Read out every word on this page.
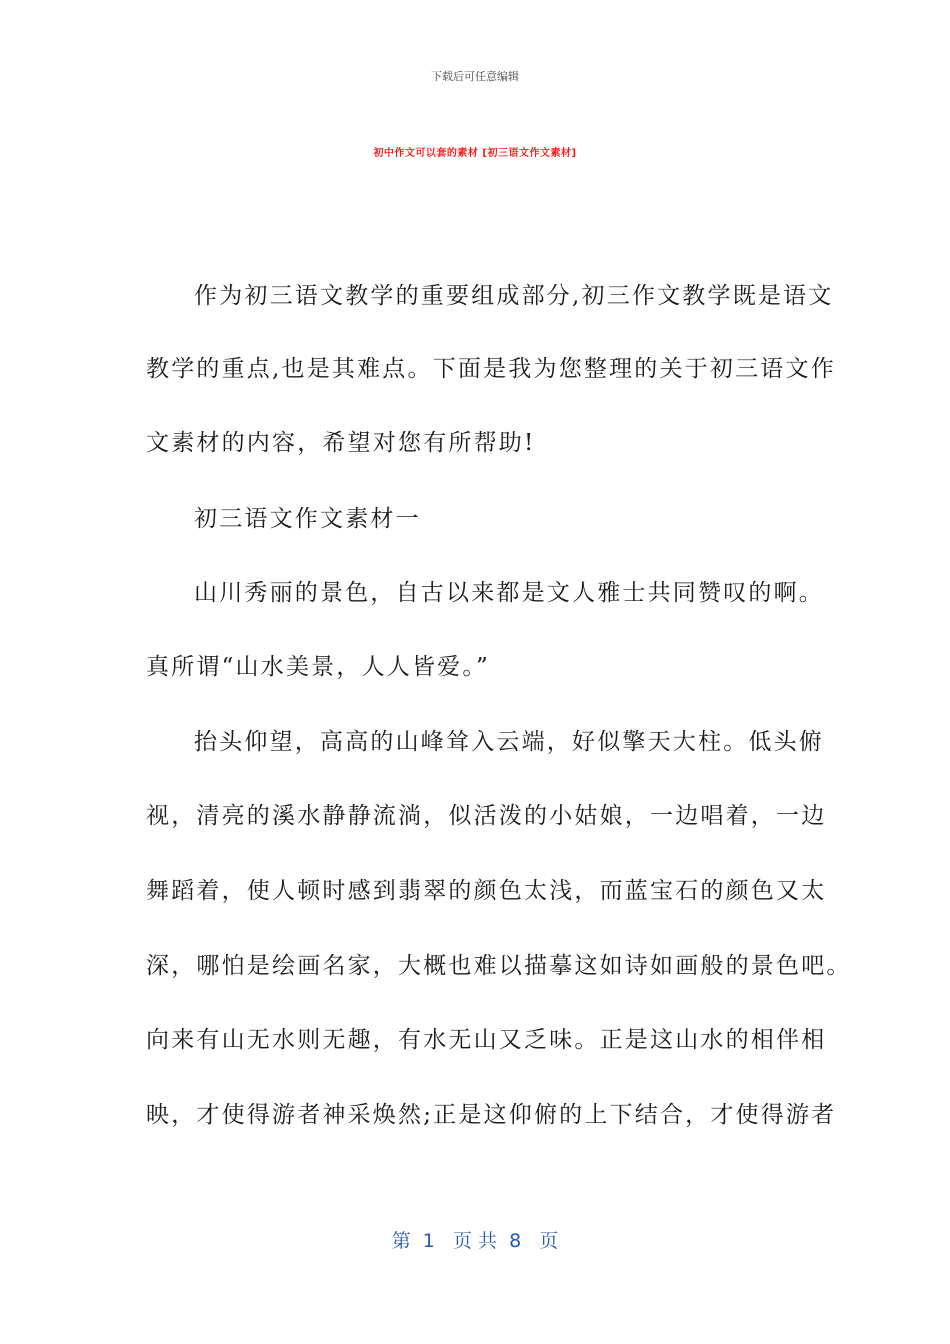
下载后可任意编辑
初中作文可以套的素材 [初三语文作文素材]
作为初三语文教学的重要组成部分,初三作文教学既是语文
教学的重点,也是其难点。下面是我为您整理的关于初三语文作
文素材的内容，希望对您有所帮助!
初三语文作文素材一
山川秀丽的景色，自古以来都是文人雅士共同赞叹的啊。
真所谓“山水美景，人人皆爱。”
抬头仰望，高高的山峰耸入云端，好似擎天大柱。低头俯
视，清亮的溪水静静流淌，似活泼的小姑娘，一边唱着，一边
舞蹈着，使人顿时感到翡翠的颜色太浅，而蓝宝石的颜色又太
深，哪怕是绘画名家，大概也难以描摹这如诗如画般的景色吧。
向来有山无水则无趣，有水无山又乏味。正是这山水的相伴相
映，才使得游者神采焕然;正是这仰俯的上下结合，才使得游者
第  1   页 共  8   页
